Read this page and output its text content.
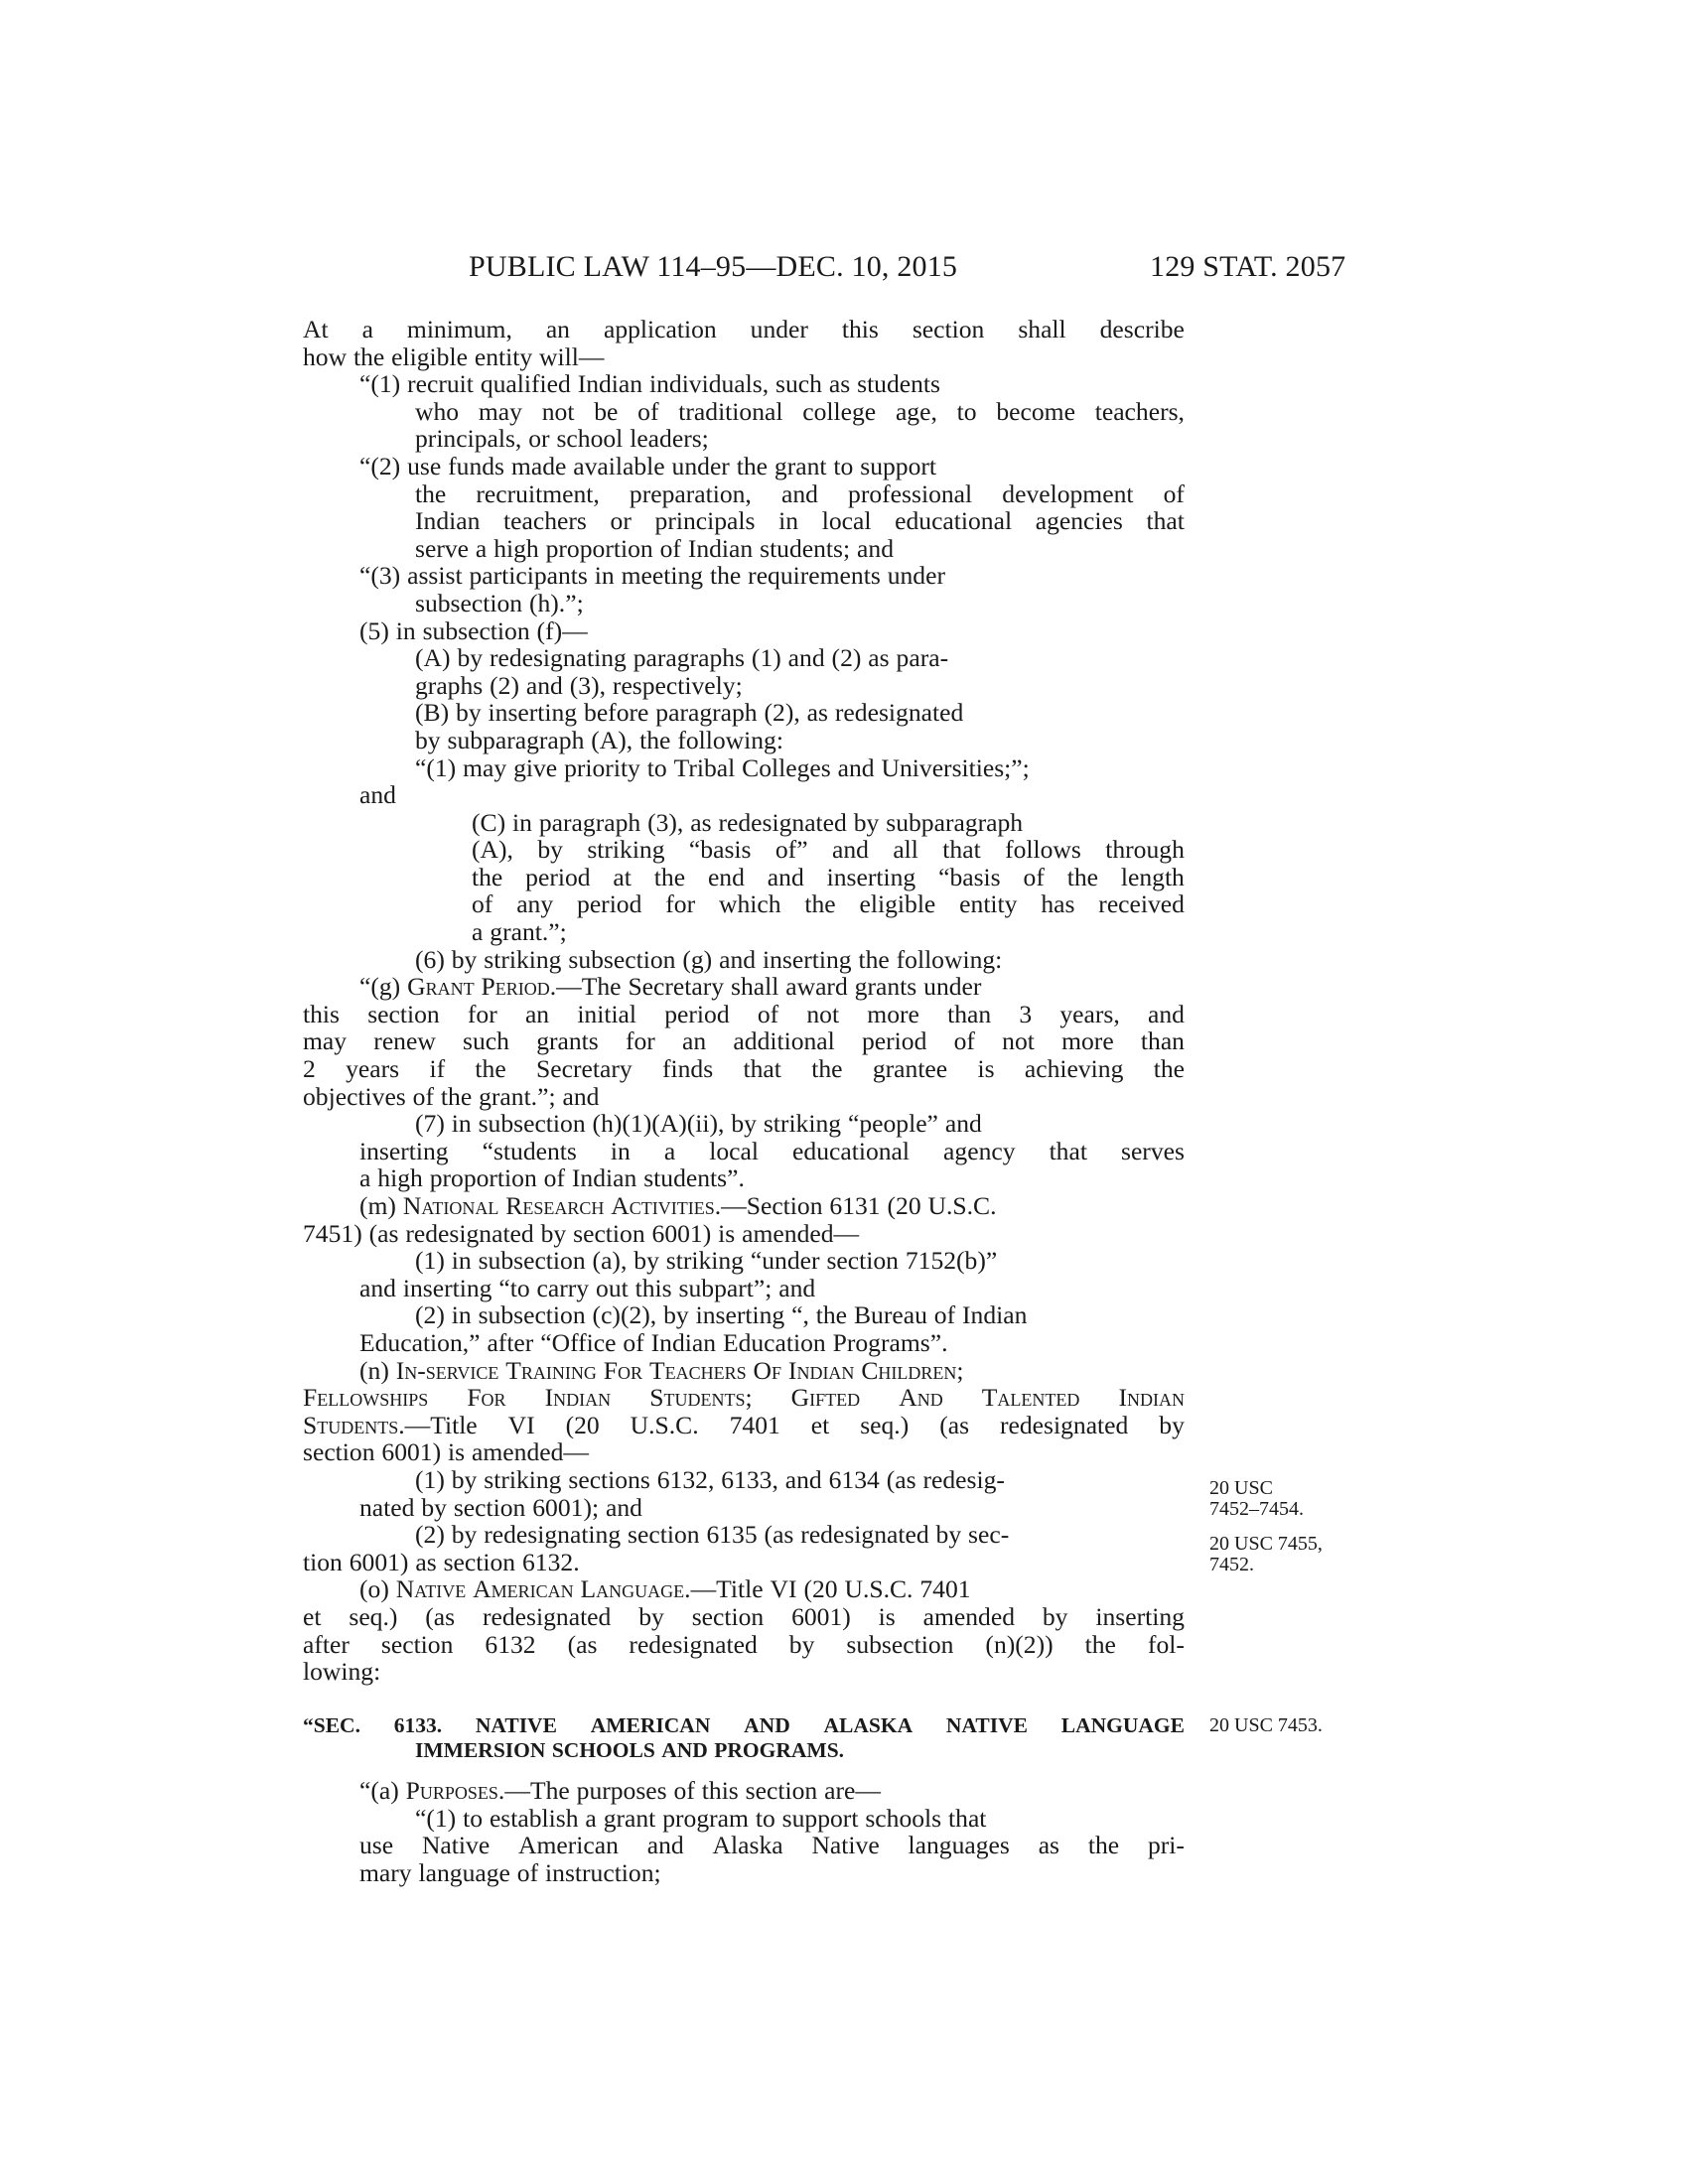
PUBLIC LAW 114–95—DEC. 10, 2015	129 STAT. 2057
At a minimum, an application under this section shall describe
how the eligible entity will—
“(1) recruit qualified Indian individuals, such as students
who may not be of traditional college age, to become teachers,
principals, or school leaders;
“(2) use funds made available under the grant to support
the recruitment, preparation, and professional development of
Indian teachers or principals in local educational agencies that
serve a high proportion of Indian students; and
“(3) assist participants in meeting the requirements under
subsection (h).”;
(5) in subsection (f)—
(A) by redesignating paragraphs (1) and (2) as para-
graphs (2) and (3), respectively;
(B) by inserting before paragraph (2), as redesignated
by subparagraph (A), the following:
“(1) may give priority to Tribal Colleges and Universities;”;
and
(C) in paragraph (3), as redesignated by subparagraph
(A), by striking “basis of” and all that follows through
the period at the end and inserting “basis of the length
of any period for which the eligible entity has received
a grant.”;
(6) by striking subsection (g) and inserting the following:
“(g) Grant Period.—The Secretary shall award grants under
this section for an initial period of not more than 3 years, and
may renew such grants for an additional period of not more than
2 years if the Secretary finds that the grantee is achieving the
objectives of the grant.”; and
(7) in subsection (h)(1)(A)(ii), by striking “people” and
inserting “students in a local educational agency that serves
a high proportion of Indian students”.
(m) National Research Activities.—Section 6131 (20 U.S.C.
7451) (as redesignated by section 6001) is amended—
(1) in subsection (a), by striking “under section 7152(b)”
and inserting “to carry out this subpart”; and
(2) in subsection (c)(2), by inserting “, the Bureau of Indian
Education,” after “Office of Indian Education Programs”.
(n) In-service Training For Teachers Of Indian Children;
Fellowships For Indian Students; Gifted And Talented Indian
Students.—Title VI (20 U.S.C. 7401 et seq.) (as redesignated by
section 6001) is amended—
(1) by striking sections 6132, 6133, and 6134 (as redesig-
nated by section 6001); and
(2) by redesignating section 6135 (as redesignated by sec-
tion 6001) as section 6132.
(o) Native American Language.—Title VI (20 U.S.C. 7401
et seq.) (as redesignated by section 6001) is amended by inserting
after section 6132 (as redesignated by subsection (n)(2)) the fol-
lowing:
“SEC. 6133. NATIVE AMERICAN AND ALASKA NATIVE LANGUAGE
IMMERSION SCHOOLS AND PROGRAMS.
“(a) Purposes.—The purposes of this section are—
“(1) to establish a grant program to support schools that
use Native American and Alaska Native languages as the pri-
mary language of instruction;
20 USC
7452–7454.
20 USC 7455,
7452.
20 USC 7453.
